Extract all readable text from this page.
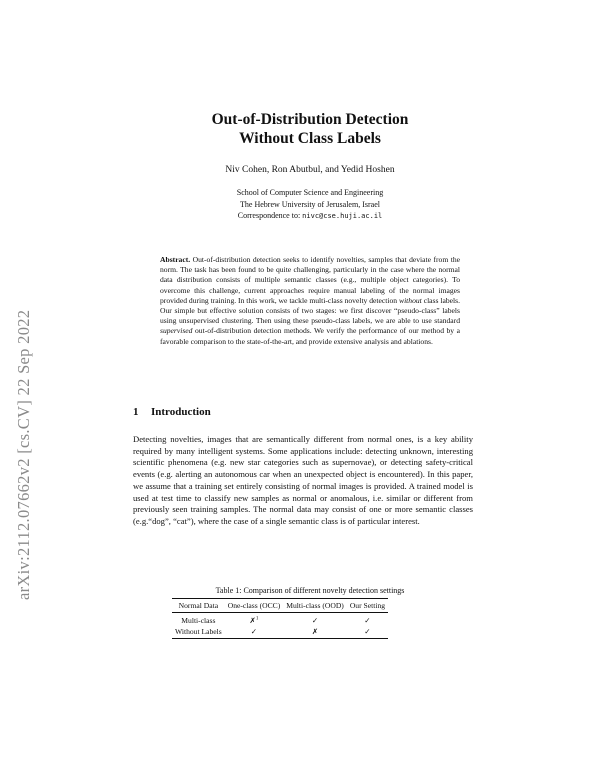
arXiv:2112.07662v2 [cs.CV] 22 Sep 2022
Out-of-Distribution Detection
Without Class Labels
Niv Cohen, Ron Abutbul, and Yedid Hoshen
School of Computer Science and Engineering
The Hebrew University of Jerusalem, Israel
Correspondence to: nivc@cse.huji.ac.il
Abstract. Out-of-distribution detection seeks to identify novelties, samples that deviate from the norm. The task has been found to be quite challenging, particularly in the case where the normal data distribution consists of multiple semantic classes (e.g., multiple object categories). To overcome this challenge, current approaches require manual labeling of the normal images provided during training. In this work, we tackle multi-class novelty detection without class labels. Our simple but effective solution consists of two stages: we first discover “pseudo-class” labels using unsupervised clustering. Then using these pseudo-class labels, we are able to use standard supervised out-of-distribution detection methods. We verify the performance of our method by a favorable comparison to the state-of-the-art, and provide extensive analysis and ablations.
1 Introduction
Detecting novelties, images that are semantically different from normal ones, is a key ability required by many intelligent systems. Some applications include: detecting unknown, interesting scientific phenomena (e.g. new star categories such as supernovae), or detecting safety-critical events (e.g. alerting an autonomous car when an unexpected object is encountered). In this paper, we assume that a training set entirely consisting of normal images is provided. A trained model is used at test time to classify new samples as normal or anomalous, i.e. similar or different from previously seen training samples. The normal data may consist of one or more semantic classes (e.g.“dog”, “cat”), where the case of a single semantic class is of particular interest.
Table 1: Comparison of different novelty detection settings
Normal Data	One-class (OCC)	Multi-class (OOD)	Our Setting
Multi-class	✗$^1$	✓	✓
Without Labels	✓	✗	✓
